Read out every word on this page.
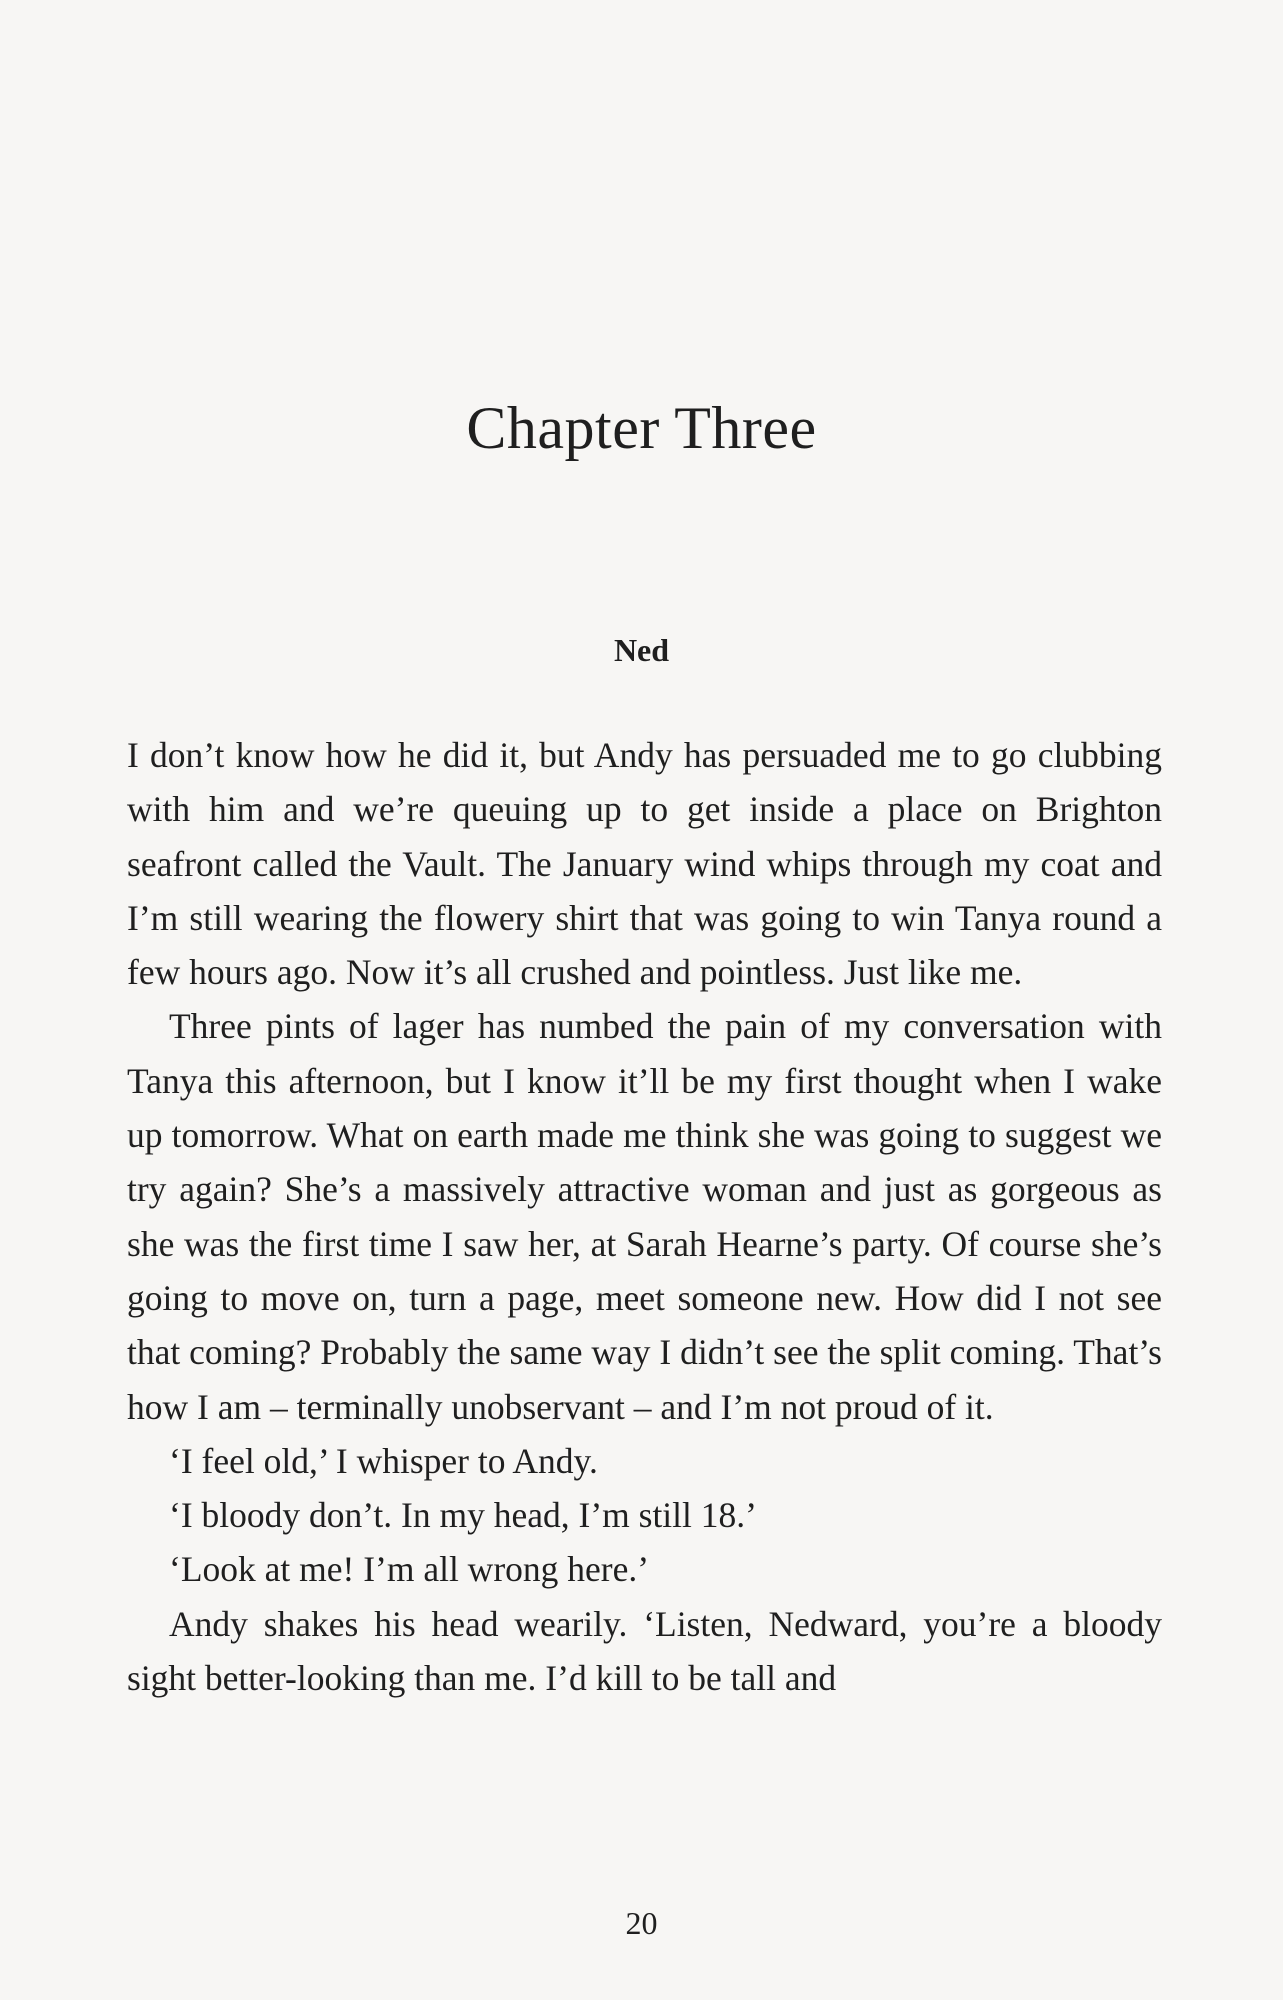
Chapter Three
Ned

I don’t know how he did it, but Andy has persuaded me to go clubbing with him and we’re queuing up to get inside a place on Brighton seafront called the Vault. The January wind whips through my coat and I’m still wearing the flowery shirt that was going to win Tanya round a few hours ago. Now it’s all crushed and pointless. Just like me.

Three pints of lager has numbed the pain of my conversation with Tanya this afternoon, but I know it’ll be my first thought when I wake up tomorrow. What on earth made me think she was going to suggest we try again? She’s a massively attractive woman and just as gorgeous as she was the first time I saw her, at Sarah Hearne’s party. Of course she’s going to move on, turn a page, meet someone new. How did I not see that coming? Probably the same way I didn’t see the split coming. That’s how I am – terminally unobservant – and I’m not proud of it.

‘I feel old,’ I whisper to Andy.

‘I bloody don’t. In my head, I’m still 18.’

‘Look at me! I’m all wrong here.’

Andy shakes his head wearily. ‘Listen, Nedward, you’re a bloody sight better-looking than me. I’d kill to be tall and

20
